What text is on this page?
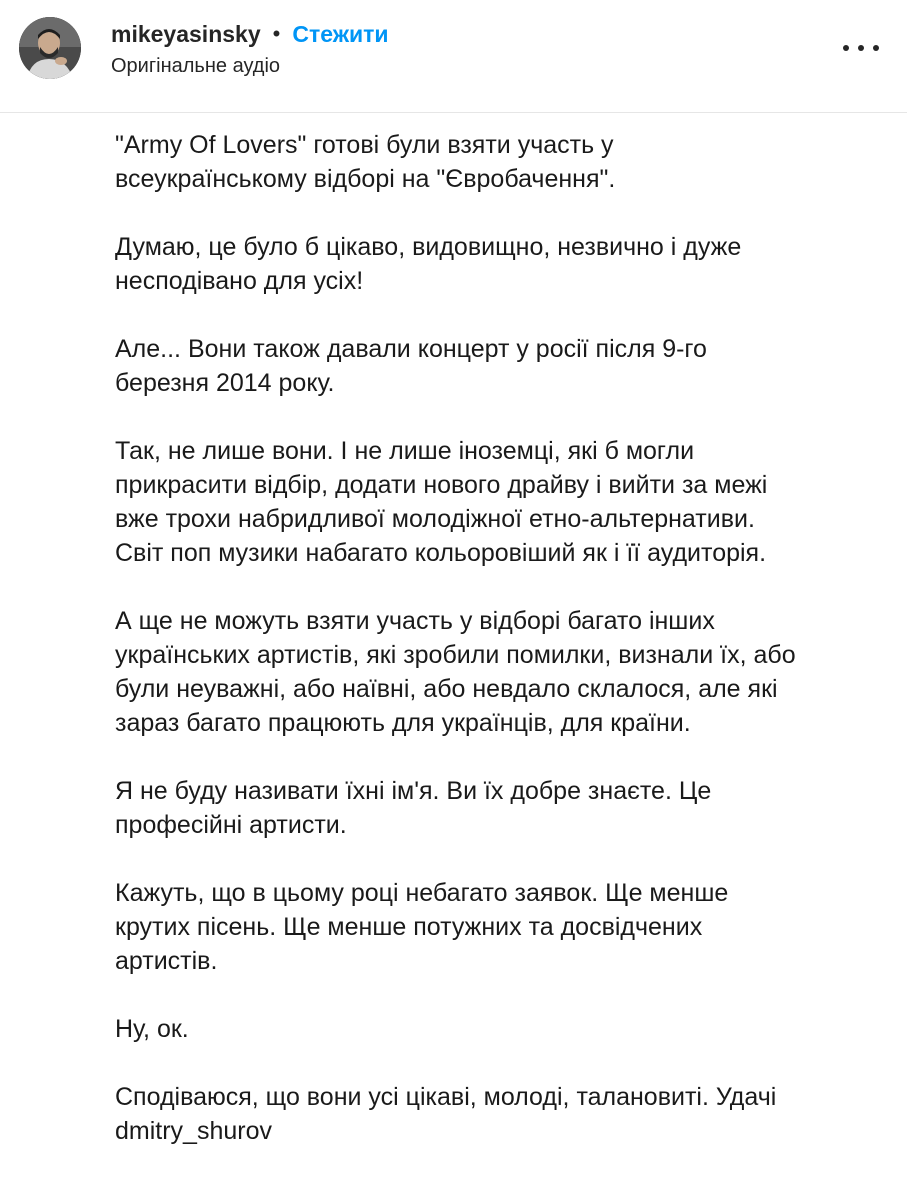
mikeyasinsky • Стежити
Оригінальне аудіо

"Army Of Lovers" готові були взяти участь у
всеукраїнському відборі на "Євробачення".

Думаю, це було б цікаво, видовищно, незвично і дуже
несподівано для усіх!

Але... Вони також давали концерт у росії після 9-го
березня 2014 року.

Так, не лише вони. І не лише іноземці, які б могли
прикрасити відбір, додати нового драйву і вийти за межі
вже трохи набридливої молодіжної етно-альтернативи.
Світ поп музики набагато кольоровіший як і її аудиторія.

А ще не можуть взяти участь у відборі багато інших
українських артистів, які зробили помилки, визнали їх, або
були неуважні, або наївні, або невдало склалося, але які
зараз багато працюють для українців, для країни.

Я не буду називати їхні ім'я. Ви їх добре знаєте. Це
професійні артисти.

Кажуть, що в цьому році небагато заявок. Ще менше
крутих пісень. Ще менше потужних та досвідчених
артистів.

Ну, ок.

Сподіваюся, що вони усі цікаві, молоді, талановиті. Удачі
dmitry_shurov
